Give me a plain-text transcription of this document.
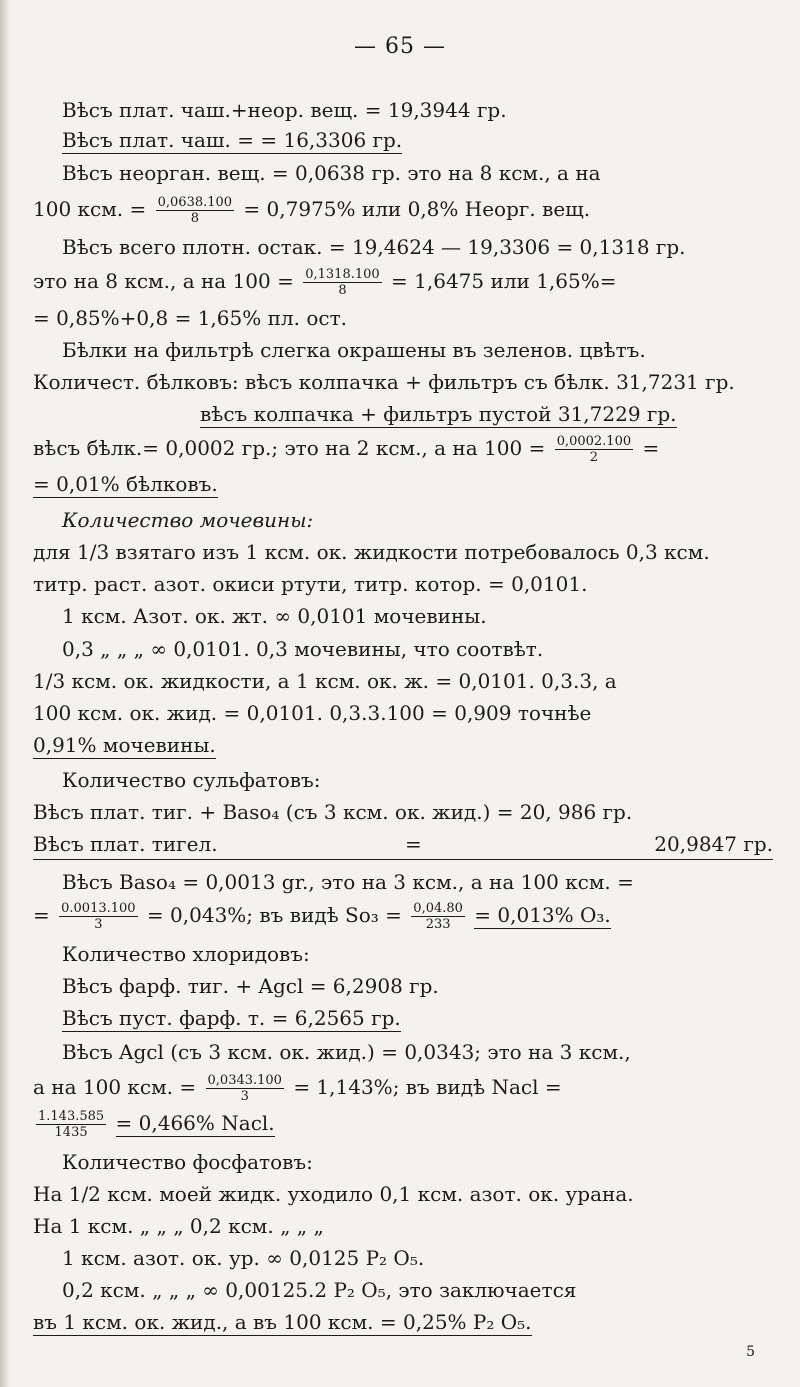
— 65 —
Вѣсъ плат. чаш.+неор. вещ. = 19,3944 гр.
Вѣсъ плат. чаш. = = 16,3306 гр.
Вѣсъ неорган. вещ. = 0,0638 гр. это на 8 ксм., а на
100 ксм. = $\frac{0,0638.100}{8} = 0,7975\%$ или 0,8% Неорг. вещ.
Вѣсъ всего плотн. остак. = 19,4624 — 19,3306 = 0,1318 гр.
это на 8 ксм., а на $100 = \frac{0,1318.100}{8} = 1,6475$ или 1,65%=
= 0,85%+0,8 = 1,65% пл. ост.
Бѣлки на фильтрѣ слегка окрашены въ зеленов. цвѣтъ.
Количест. бѣлковъ: вѣсъ колпачка + фильтръ съ бѣлк. 31,7231 гр.
вѣсъ колпачка + фильтръ пустой 31,7229 гр.
вѣсъ бѣлк.= 0,0002 гр.; это на 2 ксм., а на $100 = \frac{0,0002.100}{2}$ =
= 0,01% бѣлковъ.
Количество мочевины:
для 1/3 взятаго изъ 1 ксм. ок. жидкости потребовалось 0,3 ксм.
титр. раст. азот. окиси ртути, титр. котор. = 0,0101.
1 ксм. Азот. ок. жт. ∞ 0,0101 мочевины.
0,3 „ „ „ ∞ 0,0101. 0,3 мочевины, что соотвѣт.
1/3 ксм. ок. жидкости, а 1 ксм. ок. ж. = 0,0101. 0,3.3, а
100 ксм. ок. жид. = 0,0101. 0,3.3.100 = 0,909 точнѣе
0,91% мочевины.
Количество сульфатовъ:
Вѣсъ плат. тиг. + Baso₄ (съ 3 ксм. ок. жид.) = 20, 986 гр.
Вѣсъ плат. тигел.	=	20,9847 гр.
Вѣсъ Baso₄ = 0,0013 gr., это на 3 ксм., а на 100 ксм. =
= $\frac{0.0013.100}{3} = 0,043\%$; въ видѣ $So_3 = \frac{0,04.80}{233} = 0,013\%$ O₃.
Количество хлоридовъ:
Вѣсъ фарф. тиг. + Agcl = 6,2908 гр.
Вѣсъ пуст. фарф. т. = 6,2565 гр.
Вѣсъ Agcl (съ 3 ксм. ок. жид.) = 0,0343; это на 3 ксм.,
а на 100 ксм. = $\frac{0,0343.100}{3} = 1,143\%$; въ видѣ Nacl =
$\frac{1.143.585}{1435} = 0,466\%$ Nacl.
Количество фосфатовъ:
На 1/2 ксм. моей жидк. уходило 0,1 ксм. азот. ок. урана.
На 1 ксм. „ „ „ 0,2 ксм. „ „ „
1 ксм. азот. ок. ур. ∞ 0,0125 P₂ O₅.
0,2 ксм. „ „ „ ∞ 0,00125.2 P₂ O₅, это заключается
въ 1 ксм. ок. жид., а въ 100 ксм. = 0,25% P₂ O₅.
5
